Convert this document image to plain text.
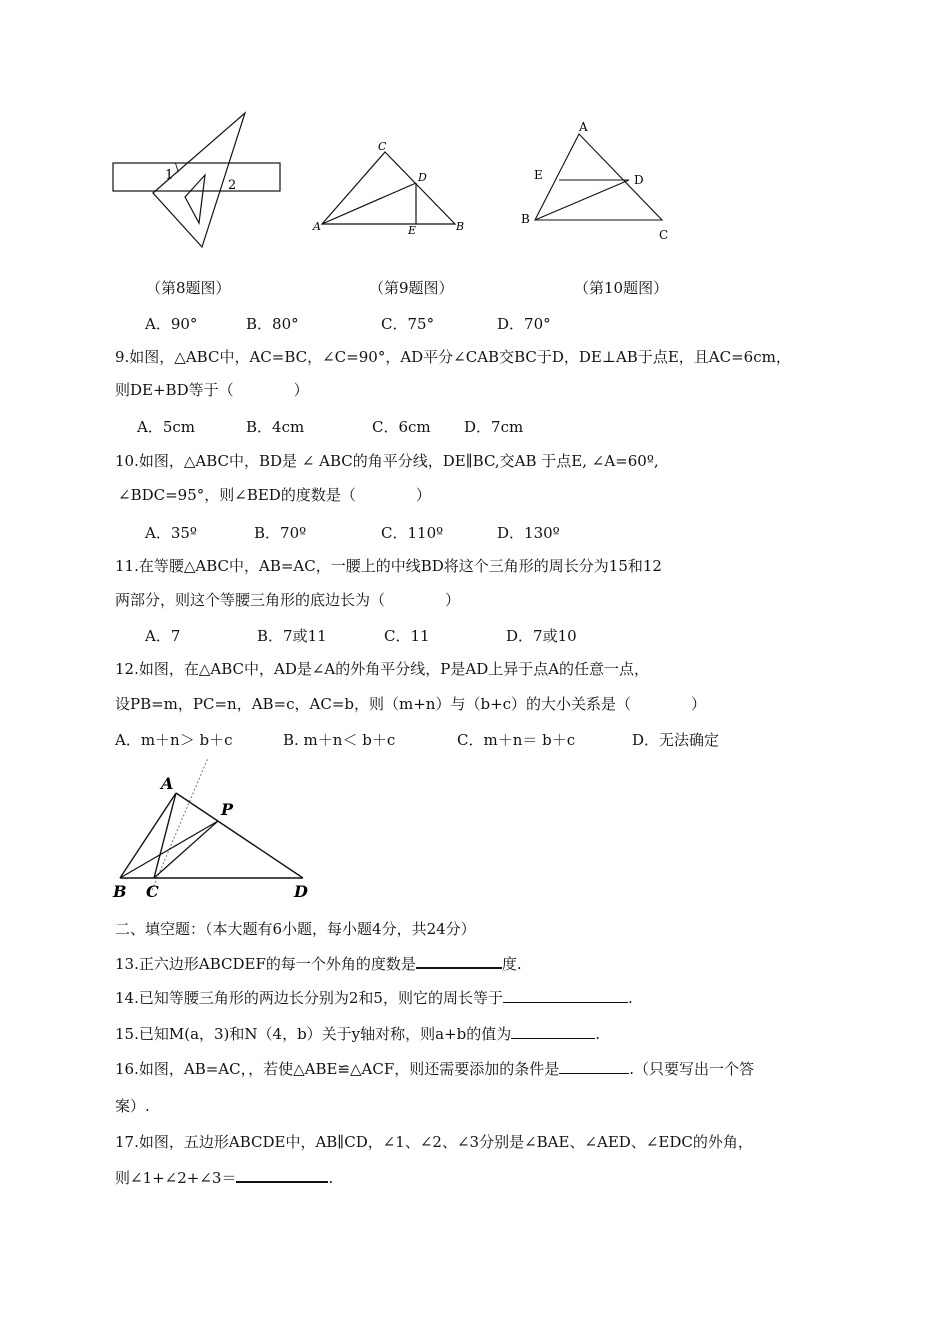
1
\
2
（第8题图）
C
D
A	E	B
（第9题图）
A
E	D
B
C
（第10题图）
A．90°	B．80°	C．75°	D．70°
9.如图，△ABC中，AC=BC，∠C=90°，AD平分∠CAB交BC于D，DE⊥AB于点E，且AC=6cm，
则DE+BD等于（　　　　）
A．5cm	B．4cm	C．6cm D．7cm
10.如图，△ABC中，BD是 ∠ ABC的角平分线，DE∥BC,交AB 于点E, ∠A=60º,
∠BDC=95°，则∠BED的度数是（　　　　）
A．35º	B．70º	C．110º	D．130º
11.在等腰△ABC中，AB=AC，一腰上的中线BD将这个三角形的周长分为15和12
两部分，则这个等腰三角形的底边长为（　　　　）
A．7	B．7或11	C．11	D．7或10
12.如图，在△ABC中，AD是∠A的外角平分线，P是AD上异于点A的任意一点，
设PB=m，PC=n，AB=c，AC=b，则（m+n）与（b+c）的大小关系是（　　　　）
A．m＋n＞ b＋c	B. m＋n＜ b＋c	C．m＋n＝ b＋c	D．无法确定
A
P
B C	D
二、填空题：（本大题有6小题，每小题4分，共24分）
13.正六边形ABCDEF的每一个外角的度数是	度.
14.已知等腰三角形的两边长分别为2和5，则它的周长等于	.
15.已知M(a，3)和N（4，b）关于y轴对称，则a+b的值为	.
16.如图，AB=AC，，若使△ABE≌△ACF，则还需要添加的条件是	.（只要写出一个答
案）.
17.如图，五边形ABCDE中，AB∥CD，∠1、∠2、∠3分别是∠BAE、∠AED、∠EDC的外角，
则∠1+∠2+∠3＝	.
